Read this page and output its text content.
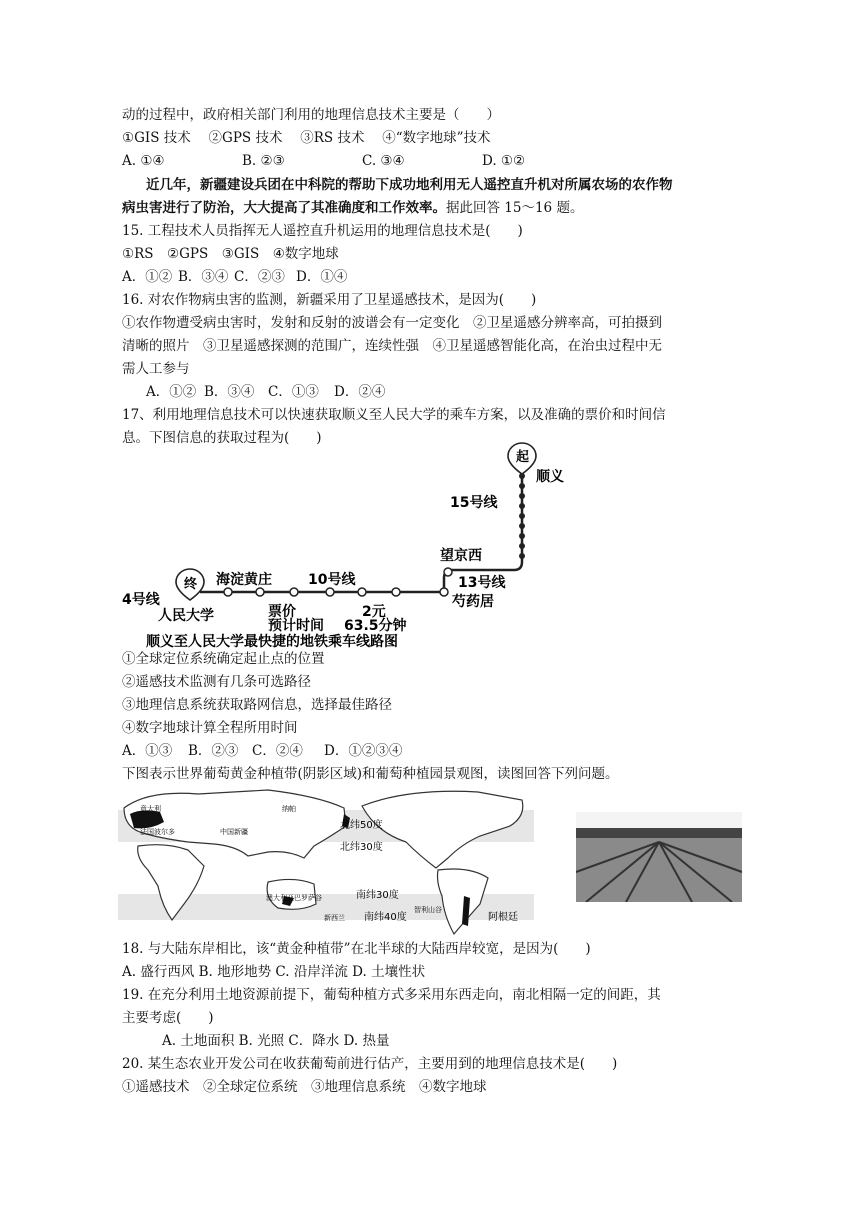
动的过程中，政府相关部门利用的地理信息技术主要是（　　）
①GIS 技术　 ②GPS 技术　 ③RS 技术　 ④“数字地球”技术
A. ①④	B. ②③	C. ③④	D. ①②
近几年，新疆建设兵团在中科院的帮助下成功地利用无人遥控直升机对所属农场的农作物
病虫害进行了防治，大大提高了其准确度和工作效率。据此回答 15～16 题。
15. 工程技术人员指挥无人遥控直升机运用的地理信息技术是(　　)
①RS　②GPS　③GIS　④数字地球
A．①② B．③④ C．②③ D．①④
16. 对农作物病虫害的监测，新疆采用了卫星遥感技术，是因为(　　)
①农作物遭受病虫害时，发射和反射的波谱会有一定变化　②卫星遥感分辨率高，可拍摄到
清晰的照片　③卫星遥感探测的范围广，连续性强　④卫星遥感智能化高，在治虫过程中无
需人工参与
A．①② B．③④ C．①③ D．②④
17、利用地理信息技术可以快速获取顺义至人民大学的乘车方案，以及准确的票价和时间信
息。下图信息的获取过程为(　　)
起
顺义
15号线
望京西
13号线
芍药居
海淀黄庄	10号线
终
4号线
人民大学	票价	2元
预计时间 63.5分钟
顺义至人民大学最快捷的地铁乘车线路图
①全球定位系统确定起止点的位置
②遥感技术监测有几条可选路径
③地理信息系统获取路网信息，选择最佳路径
④数字地球计算全程所用时间
A．①③ B．②③ C．②④ D．①②③④
下图表示世界葡萄黄金种植带(阴影区域)和葡萄种植园景观图，读图回答下列问题。
意大利
法国波尔多	中国新疆
纳帕
澳大利亚巴罗萨谷
新西兰
智利山谷
北纬50度
北纬30度
南纬30度
南纬40度	阿根廷
18. 与大陆东岸相比，该“黄金种植带”在北半球的大陆西岸较宽，是因为(　　)
A. 盛行西风 B. 地形地势 C. 沿岸洋流 D. 土壤性状
19. 在充分利用土地资源前提下，葡萄种植方式多采用东西走向，南北相隔一定的间距，其
主要考虑(　　)
A. 土地面积 B. 光照 C．降水 D. 热量
20. 某生态农业开发公司在收获葡萄前进行估产，主要用到的地理信息技术是(　　)
①遥感技术　②全球定位系统　③地理信息系统　④数字地球
